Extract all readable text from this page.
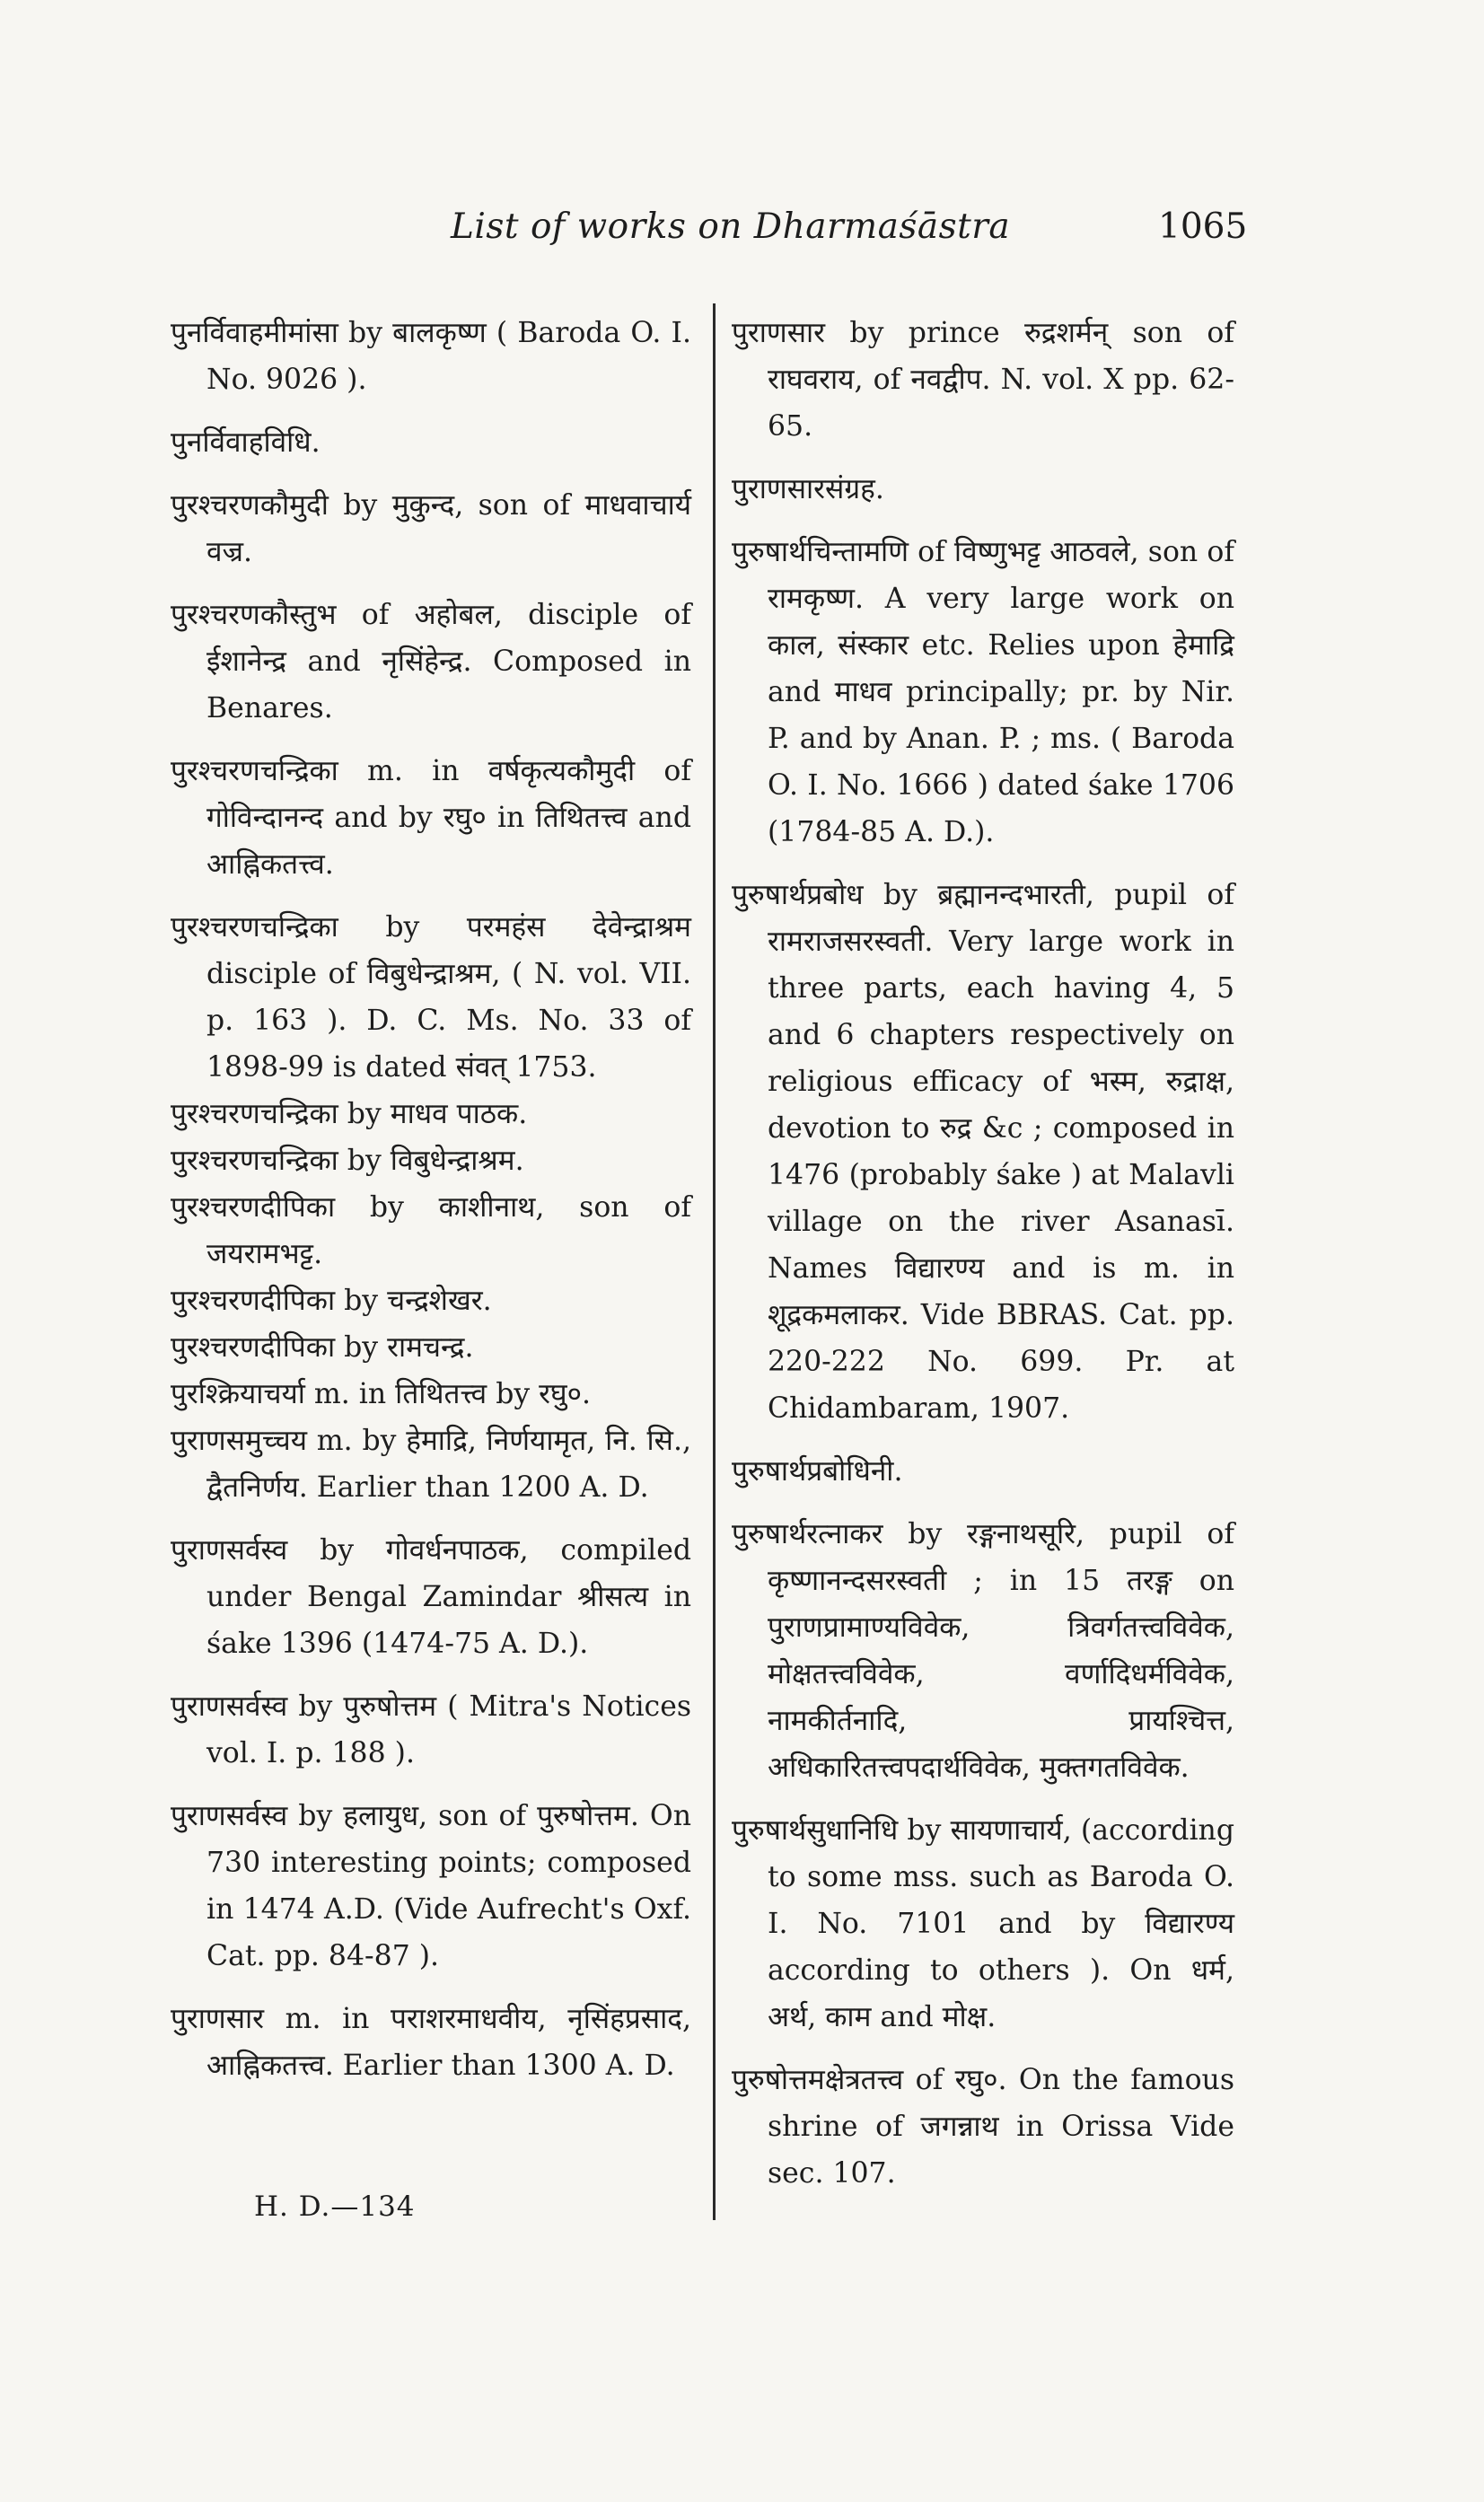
List of works on Dharmaśāstra	1065

पुनर्विवाहमीमांसा by बालकृष्ण ( Baroda O. I. No. 9026 ).

पुनर्विवाहविधि.

पुरश्चरणकौमुदी by मुकुन्द, son of माधवाचार्य वज्र.

पुरश्चरणकौस्तुभ of अहोबल, disciple of ईशानेन्द्र and नृसिंहेन्द्र. Composed in Benares.

पुरश्चरणचन्द्रिका m. in वर्षकृत्यकौमुदी of गोविन्दानन्द and by रघु० in तिथितत्त्व and आह्निकतत्त्व.

पुरश्चरणचन्द्रिका by परमहंस देवेन्द्राश्रम disciple of विबुधेन्द्राश्रम, ( N. vol. VII. p. 163 ). D. C. Ms. No. 33 of 1898-99 is dated संवत् 1753.

पुरश्चरणचन्द्रिका by माधव पाठक.

पुरश्चरणचन्द्रिका by विबुधेन्द्राश्रम.

पुरश्चरणदीपिका by काशीनाथ, son of जयरामभट्ट.

पुरश्चरणदीपिका by चन्द्रशेखर.

पुरश्चरणदीपिका by रामचन्द्र.

पुरश्क्रियाचर्या m. in तिथितत्त्व by रघु०.

पुराणसमुच्चय m. by हेमाद्रि, निर्णयामृत, नि. सि., द्वैतनिर्णय. Earlier than 1200 A. D.

पुराणसर्वस्व by गोवर्धनपाठक, compiled under Bengal Zamindar श्रीसत्य in śake 1396 (1474-75 A. D.).

पुराणसर्वस्व by पुरुषोत्तम ( Mitra's Notices vol. I. p. 188 ).

पुराणसर्वस्व by हलायुध, son of पुरुषोत्तम. On 730 interesting points; composed in 1474 A.D. (Vide Aufrecht's Oxf. Cat. pp. 84-87 ).

पुराणसार m. in पराशरमाधवीय, नृसिंहप्रसाद, आह्निकतत्त्व. Earlier than 1300 A. D.

पुराणसार by prince रुद्रशर्मन् son of राघवराय, of नवद्वीप. N. vol. X pp. 62-65.

पुराणसारसंग्रह.

पुरुषार्थचिन्तामणि of विष्णुभट्ट आठवले, son of रामकृष्ण. A very large work on काल, संस्कार etc. Relies upon हेमाद्रि and माधव principally; pr. by Nir. P. and by Anan. P. ; ms. ( Baroda O. I. No. 1666 ) dated śake 1706 (1784-85 A. D.).

पुरुषार्थप्रबोध by ब्रह्मानन्दभारती, pupil of रामराजसरस्वती. Very large work in three parts, each having 4, 5 and 6 chapters respectively on religious efficacy of भस्म, रुद्राक्ष, devotion to रुद्र &c ; composed in 1476 (probably śake ) at Malavli village on the river Asanasī. Names विद्यारण्य and is m. in शूद्रकमलाकर. Vide BBRAS. Cat. pp. 220-222 No. 699. Pr. at Chidambaram, 1907.

पुरुषार्थप्रबोधिनी.

पुरुषार्थरत्नाकर by रङ्गनाथसूरि, pupil of कृष्णानन्दसरस्वती ; in 15 तरङ्ग on पुराणप्रामाण्यविवेक, त्रिवर्गतत्त्वविवेक, मोक्षतत्त्वविवेक, वर्णादिधर्मविवेक, नामकीर्तनादि, प्रायश्चित्त, अधिकारितत्त्वपदार्थविवेक, मुक्तगतविवेक.

पुरुषार्थसुधानिधि by सायणाचार्य, (according to some mss. such as Baroda O. I. No. 7101 and by विद्यारण्य according to others ). On धर्म, अर्थ, काम and मोक्ष.

पुरुषोत्तमक्षेत्रतत्त्व of रघु०. On the famous shrine of जगन्नाथ in Orissa Vide sec. 107.

H. D.—134
